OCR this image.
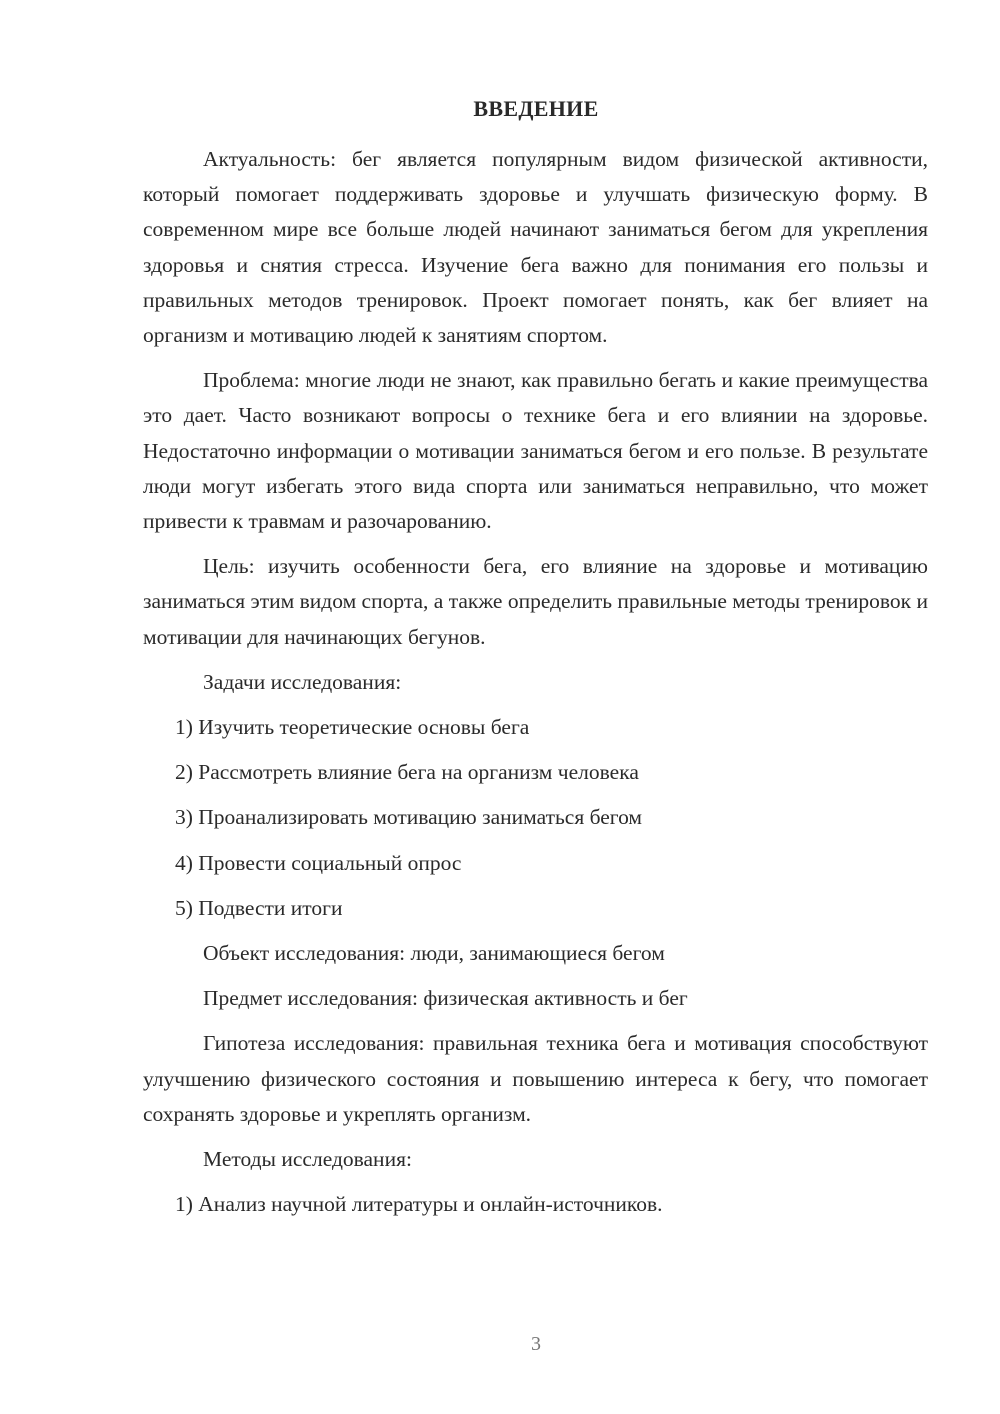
ВВЕДЕНИЕ

Актуальность: бег является популярным видом физической активности, который помогает поддерживать здоровье и улучшать физическую форму. В современном мире все больше людей начинают заниматься бегом для укрепления здоровья и снятия стресса. Изучение бега важно для понимания его пользы и правильных методов тренировок. Проект помогает понять, как бег влияет на организм и мотивацию людей к занятиям спортом.

Проблема: многие люди не знают, как правильно бегать и какие преимущества это дает. Часто возникают вопросы о технике бега и его влиянии на здоровье. Недостаточно информации о мотивации заниматься бегом и его пользе. В результате люди могут избегать этого вида спорта или заниматься неправильно, что может привести к травмам и разочарованию.

Цель: изучить особенности бега, его влияние на здоровье и мотивацию заниматься этим видом спорта, а также определить правильные методы тренировок и мотивации для начинающих бегунов.

Задачи исследования:

1) Изучить теоретические основы бега

2) Рассмотреть влияние бега на организм человека

3) Проанализировать мотивацию заниматься бегом

4) Провести социальный опрос

5) Подвести итоги

Объект исследования: люди, занимающиеся бегом

Предмет исследования: физическая активность и бег

Гипотеза исследования: правильная техника бега и мотивация способствуют улучшению физического состояния и повышению интереса к бегу, что помогает сохранять здоровье и укреплять организм.

Методы исследования:

1) Анализ научной литературы и онлайн-источников.

3
